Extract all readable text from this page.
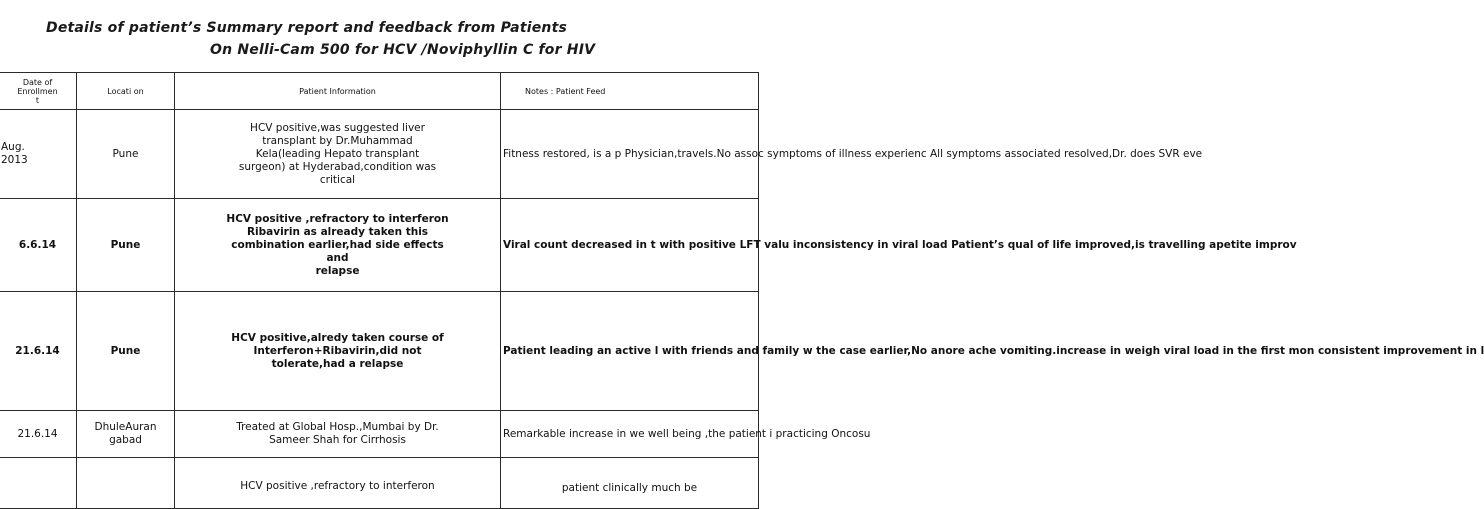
Details of patient’s Summary report and feedback from Patients
On Nelli-Cam 500 for HCV /Noviphyllin C for HIV
Date of
Enrollmen
t	Locati on	Patient Information	Notes : Patient Feed
Aug.
2013	Pune	HCV positive,was suggested liver
transplant by Dr.Muhammad
Kela(leading Hepato transplant
surgeon) at Hyderabad,condition was
critical	Fitness restored, is a p Physician,travels.No assoc symptoms of illness experienc All symptoms associated resolved,Dr. does SVR eve
6.6.14	Pune	HCV positive ,refractory to interferon
Ribavirin as already taken this
combination earlier,had side effects
and
relapse	Viral count decreased in t with positive LFT valu inconsistency in viral load Patient’s qual of life improved,is travelling apetite improv
21.6.14	Pune	HCV positive,alredy taken course of
Interferon+Ribavirin,did not
tolerate,had a relapse	Patient leading an active l with friends and family w the case earlier,No anore ache vomiting.increase in weigh viral load in the first mon consistent improvement in l
21.6.14	DhuleAuran
gabad	Treated at Global Hosp.,Mumbai by Dr.
Sameer Shah for Cirrhosis	Remarkable increase in we well being ,the patient i practicing Oncosu
		HCV positive ,refractory to interferon	patient clinically much be
